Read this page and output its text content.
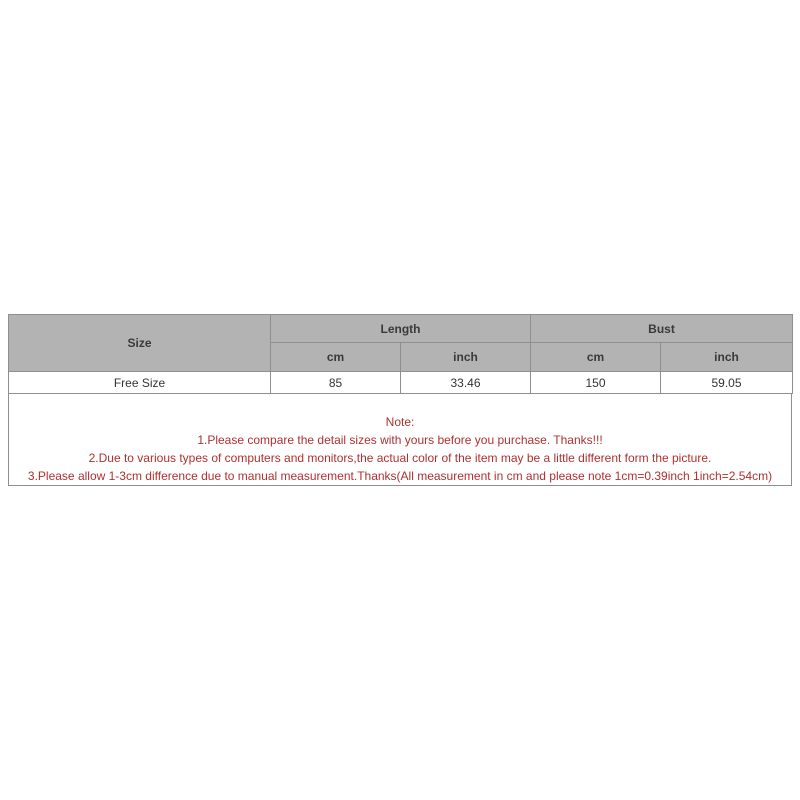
Size	Length		Bust	
	cm	inch	cm	inch
Free Size	85	33.46	150	59.05
Note:
1.Please compare the detail sizes with yours before you purchase. Thanks!!!
2.Due to various types of computers and monitors,the actual color of the item may be a little different form the picture.
3.Please allow 1-3cm difference due to manual measurement.Thanks(All measurement in cm and please note 1cm=0.39inch 1inch=2.54cm)
